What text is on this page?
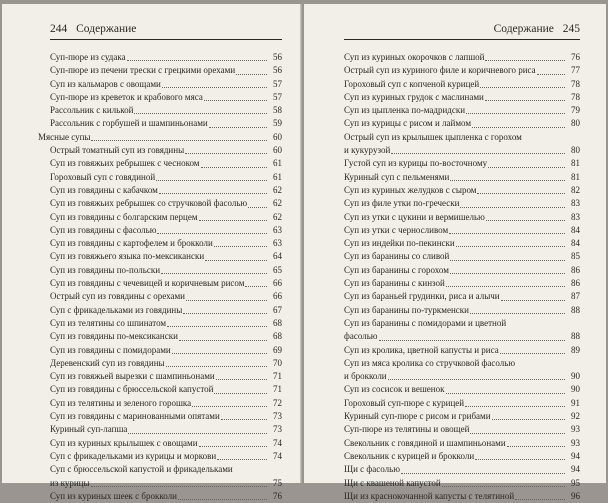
244 Содержание
Суп-пюре из судака	56
Суп-пюре из печени трески с грецкими орехами	56
Суп из кальмаров с овощами	57
Суп-пюре из креветок и крабового мяса	57
Рассольник с килькой	58
Рассольник с горбушей и шампиньонами	59
Мясные супы	60
Острый томатный суп из говядины	60
Суп из говяжьих ребрышек с чесноком	61
Гороховый суп с говядиной	61
Суп из говядины с кабачком	62
Суп из говяжьих ребрышек со стручковой фасолью	62
Суп из говядины с болгарским перцем	62
Суп из говядины с фасолью	63
Суп из говядины с картофелем и брокколи	63
Суп из говяжьего языка по-мексикански	64
Суп из говядины по-польски	65
Суп из говядины с чечевицей и коричневым рисом	66
Острый суп из говядины с орехами	66
Суп с фрикадельками из говядины	67
Суп из телятины со шпинатом	68
Суп из говядины по-мексикански	68
Суп из говядины с помидорами	69
Деревенский суп из говядины	70
Суп из говяжьей вырезки с шампиньонами	71
Суп из говядины с брюссельской капустой	71
Суп из телятины и зеленого горошка	72
Суп из говядины с маринованными опятами	73
Куриный суп-лапша	73
Суп из куриных крылышек с овощами	74
Суп с фрикадельками из курицы и моркови	74
Суп с брюссельской капустой и фрикадельками
из курицы	75
Суп из куриных шеек с брокколи	76
Содержание 245
Суп из куриных окорочков с лапшой	76
Острый суп из куриного филе и коричневого риса	77
Гороховый суп с копченой курицей	78
Суп из куриных грудок с маслинами	78
Суп из цыпленка по-мадридски	79
Суп из курицы с рисом и лаймом	80
Острый суп из крылышек цыпленка с горохом
и кукурузой	80
Густой суп из курицы по-восточному	81
Куриный суп с пельменями	81
Суп из куриных желудков с сыром	82
Суп из филе утки по-гречески	83
Суп из утки с цукини и вермишелью	83
Суп из утки с черносливом	84
Суп из индейки по-пекински	84
Суп из баранины со сливой	85
Суп из баранины с горохом	86
Суп из баранины с кинзой	86
Суп из бараньей грудинки, риса и алычи	87
Суп из баранины по-туркменски	88
Суп из баранины с помидорами и цветной
фасолью	88
Суп из кролика, цветной капусты и риса	89
Суп из мяса кролика со стручковой фасолью
и брокколи	90
Суп из сосисок и вешенок	90
Гороховый суп-пюре с курицей	91
Куриный суп-пюре с рисом и грибами	92
Суп-пюре из телятины и овощей	93
Свекольник с говядиной и шампиньонами	93
Свекольник с курицей и брокколи	94
Щи с фасолью	94
Щи с квашеной капустой	95
Щи из краснокочанной капусты с телятиной	96
